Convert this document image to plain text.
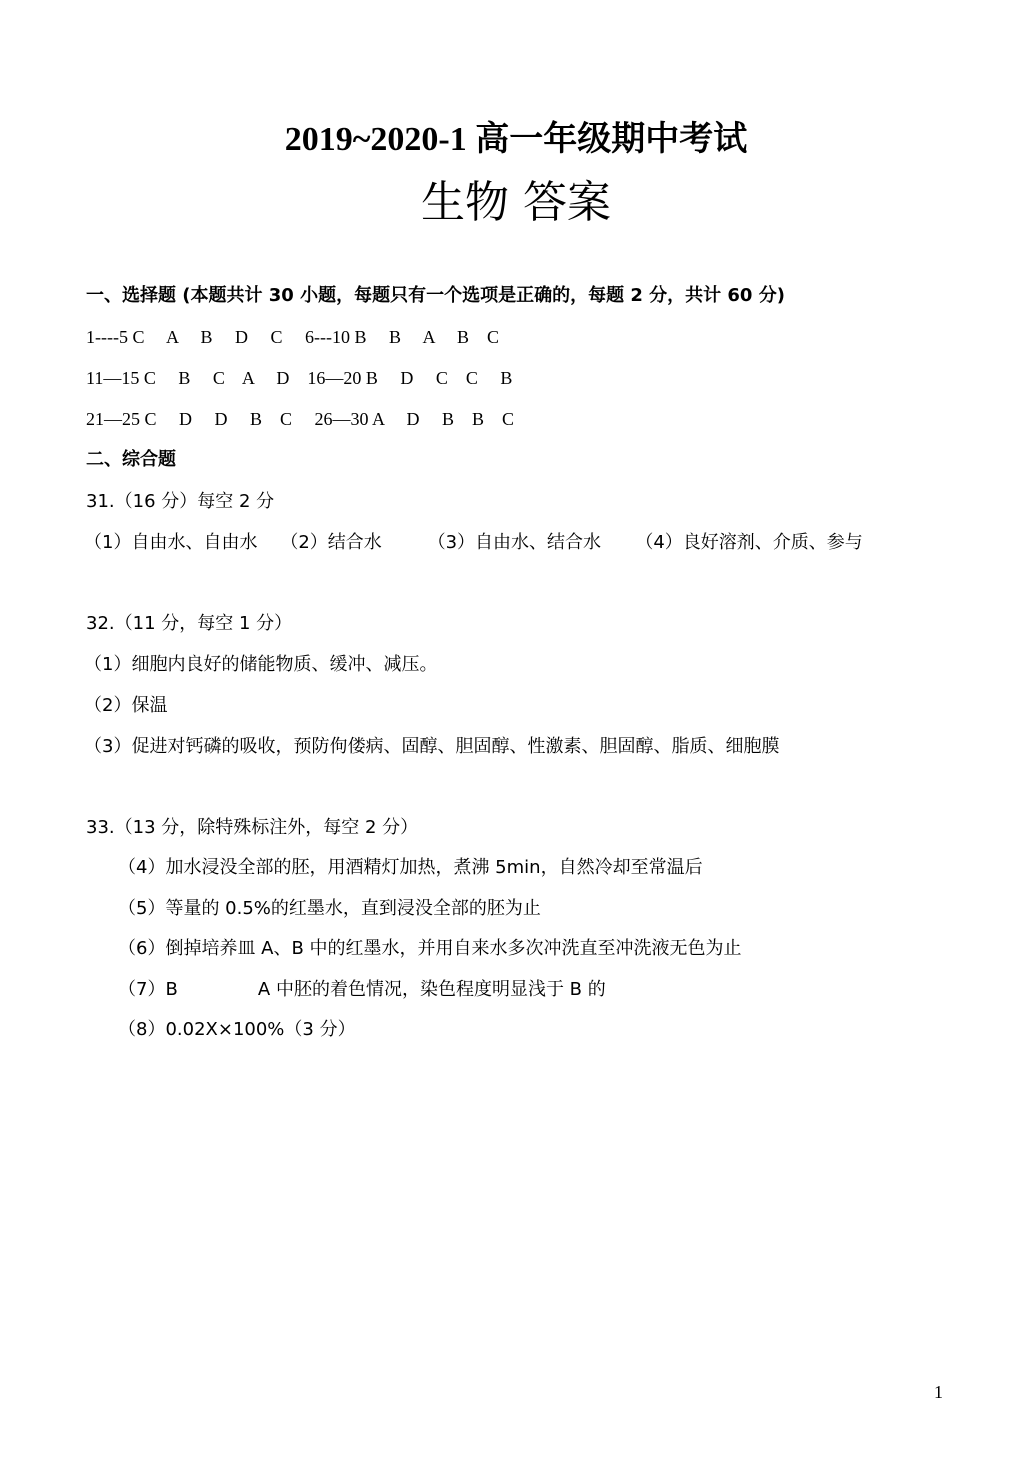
2019~2020-1 高一年级期中考试
生物 答案
一、选择题 (本题共计 30 小题，每题只有一个选项是正确的，每题 2 分，共计 60 分)
1----5 C     A     B     D     C     6---10 B     B     A     B    C
11—15 C     B     C    A     D    16—20 B     D     C    C     B
21—25 C     D     D     B    C     26—30 A     D     B    B    C
二、综合题
31.（16 分）每空 2 分
（1）自由水、自由水    （2）结合水        （3）自由水、结合水      （4）良好溶剂、介质、参与
32.（11 分，每空 1 分）
（1）细胞内良好的储能物质、缓冲、减压。
（2）保温
（3）促进对钙磷的吸收，预防佝偻病、固醇、胆固醇、性激素、胆固醇、脂质、细胞膜
33.（13 分，除特殊标注外，每空 2 分）
（4）加水浸没全部的胚，用酒精灯加热，煮沸 5min，自然冷却至常温后
（5）等量的 0.5%的红墨水，直到浸没全部的胚为止
（6）倒掉培养皿 A、B 中的红墨水，并用自来水多次冲洗直至冲洗液无色为止
（7）B              A 中胚的着色情况，染色程度明显浅于 B 的
（8）0.02X×100%（3 分）
1
